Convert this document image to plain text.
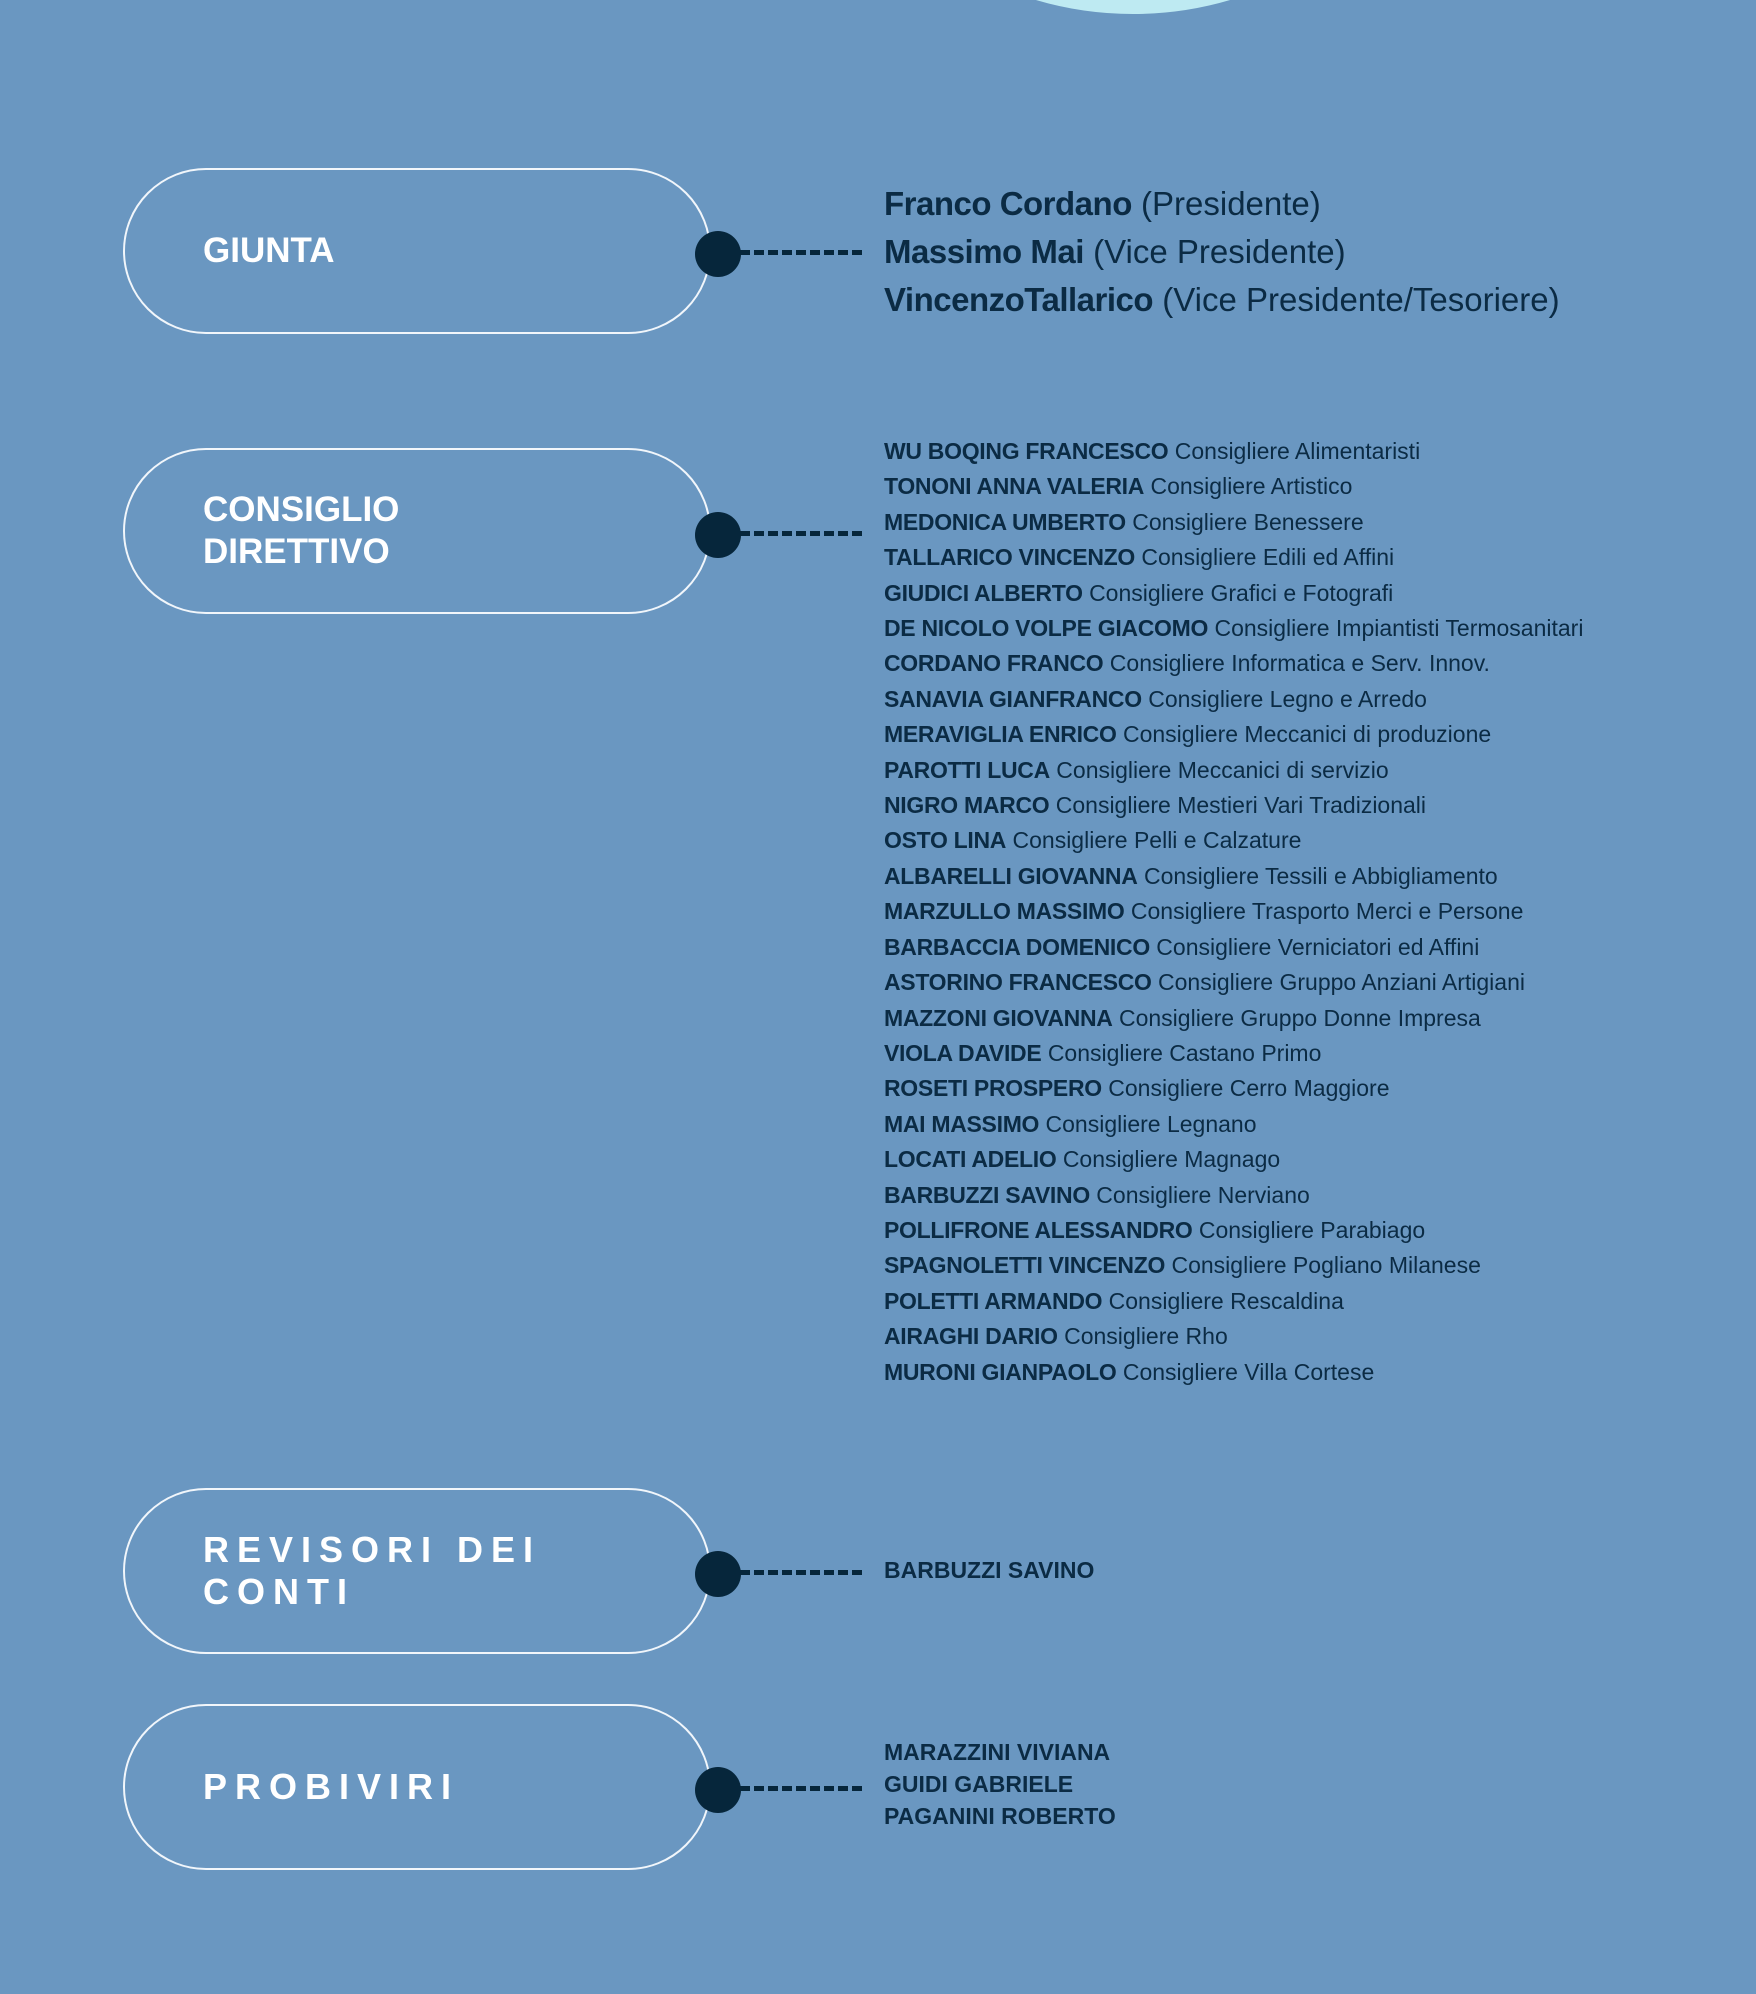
GIUNTA
Franco Cordano (Presidente)
Massimo Mai (Vice Presidente)
VincenzoTallarico (Vice Presidente/Tesoriere)
CONSIGLIO
DIRETTIVO
WU BOQING FRANCESCO Consigliere Alimentaristi
TONONI ANNA VALERIA Consigliere Artistico
MEDONICA UMBERTO Consigliere Benessere
TALLARICO VINCENZO Consigliere Edili ed Affini
GIUDICI ALBERTO Consigliere Grafici e Fotografi
DE NICOLO VOLPE GIACOMO Consigliere Impiantisti Termosanitari
CORDANO FRANCO Consigliere Informatica e Serv. Innov.
SANAVIA GIANFRANCO Consigliere Legno e Arredo
MERAVIGLIA ENRICO Consigliere Meccanici di produzione
PAROTTI LUCA Consigliere Meccanici di servizio
NIGRO MARCO Consigliere Mestieri Vari Tradizionali
OSTO LINA Consigliere Pelli e Calzature
ALBARELLI GIOVANNA Consigliere Tessili e Abbigliamento
MARZULLO MASSIMO Consigliere Trasporto Merci e Persone
BARBACCIA DOMENICO Consigliere Verniciatori ed Affini
ASTORINO FRANCESCO Consigliere Gruppo Anziani Artigiani
MAZZONI GIOVANNA Consigliere Gruppo Donne Impresa
VIOLA DAVIDE Consigliere Castano Primo
ROSETI PROSPERO Consigliere Cerro Maggiore
MAI MASSIMO Consigliere Legnano
LOCATI ADELIO Consigliere Magnago
BARBUZZI SAVINO Consigliere Nerviano
POLLIFRONE ALESSANDRO Consigliere Parabiago
SPAGNOLETTI VINCENZO Consigliere Pogliano Milanese
POLETTI ARMANDO Consigliere Rescaldina
AIRAGHI DARIO Consigliere Rho
MURONI GIANPAOLO Consigliere Villa Cortese
REVISORI DEI CONTI
BARBUZZI SAVINO
PROBIVIRI
MARAZZINI VIVIANA
GUIDI GABRIELE
PAGANINI ROBERTO
